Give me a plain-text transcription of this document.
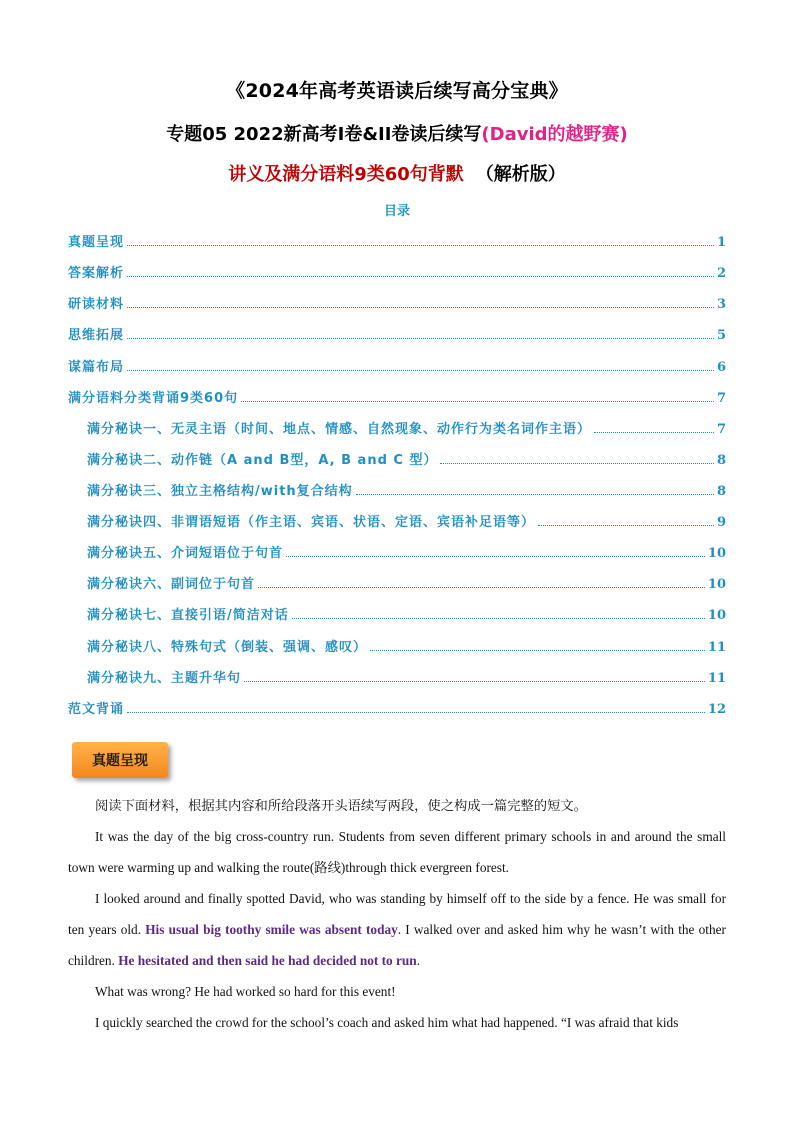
《2024年高考英语读后续写高分宝典》
专题05 2022新高考I卷&II卷读后续写(David的越野赛)
讲义及满分语料9类60句背默 （解析版）
目录
真题呈现	1
答案解析	2
研读材料	3
思维拓展	5
谋篇布局	6
满分语料分类背诵9类60句	7
满分秘诀一、无灵主语（时间、地点、情感、自然现象、动作行为类名词作主语）	7
满分秘诀二、动作链（A and B型，A, B and C 型）	8
满分秘诀三、独立主格结构/with复合结构	8
满分秘诀四、非谓语短语（作主语、宾语、状语、定语、宾语补足语等）	9
满分秘诀五、介词短语位于句首	10
满分秘诀六、副词位于句首	10
满分秘诀七、直接引语/简洁对话	10
满分秘诀八、特殊句式（倒装、强调、感叹）	11
满分秘诀九、主题升华句	11
范文背诵	12
真题呈现

阅读下面材料，根据其内容和所给段落开头语续写两段，使之构成一篇完整的短文。

It was the day of the big cross-country run. Students from seven different primary schools in and around the small town were warming up and walking the route(路线)through thick evergreen forest.

I looked around and finally spotted David, who was standing by himself off to the side by a fence. He was small for ten years old. His usual big toothy smile was absent today. I walked over and asked him why he wasn’t with the other children. He hesitated and then said he had decided not to run.

What was wrong? He had worked so hard for this event!

I quickly searched the crowd for the school’s coach and asked him what had happened. “I was afraid that kids
